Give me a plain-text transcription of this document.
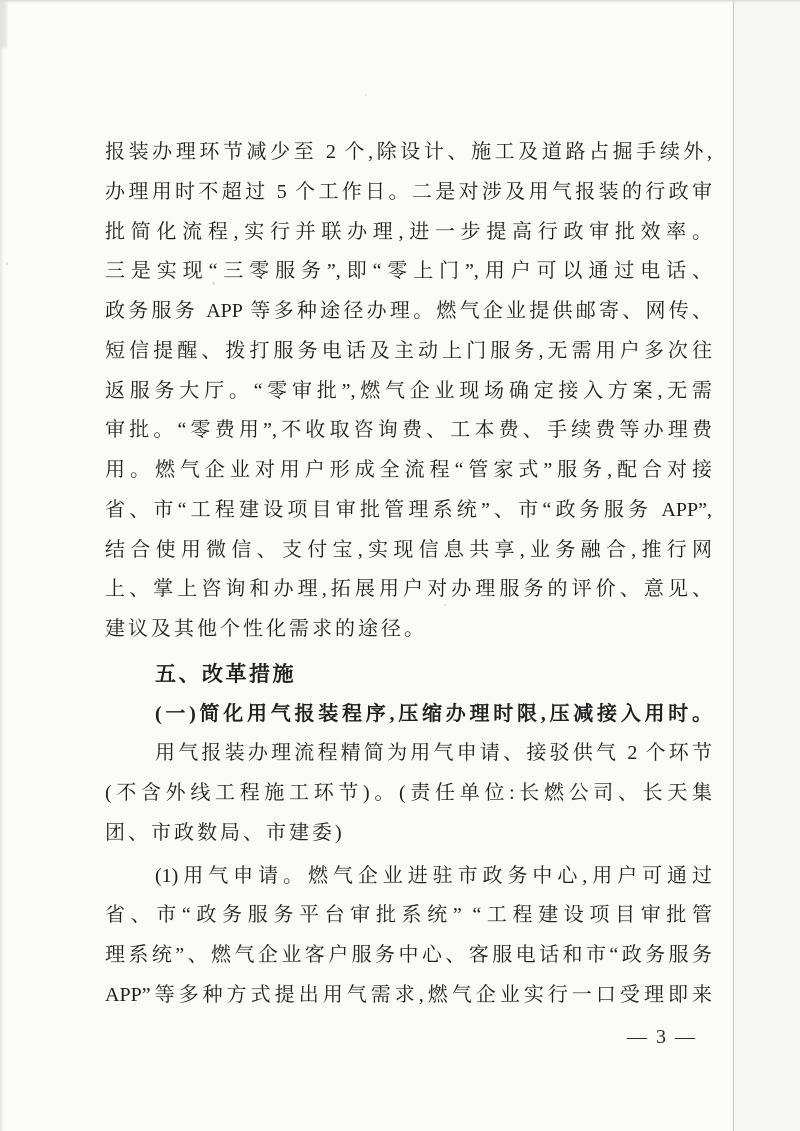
报装办理环节减少至 2 个,除设计、施工及道路占掘手续外,
办理用时不超过 5 个工作日。二是对涉及用气报装的行政审
批简化流程,实行并联办理,进一步提高行政审批效率。
三是实现“三零服务”,即“零上门”,用户可以通过电话、
政务服务 APP 等多种途径办理。燃气企业提供邮寄、网传、
短信提醒、拨打服务电话及主动上门服务,无需用户多次往
返服务大厅。“零审批”,燃气企业现场确定接入方案,无需
审批。“零费用”,不收取咨询费、工本费、手续费等办理费
用。燃气企业对用户形成全流程“管家式”服务,配合对接
省、市“工程建设项目审批管理系统”、市“政务服务 APP”,
结合使用微信、支付宝,实现信息共享,业务融合,推行网
上、掌上咨询和办理,拓展用户对办理服务的评价、意见、
建议及其他个性化需求的途径。
五、改革措施
(一)简化用气报装程序,压缩办理时限,压减接入用时。
用气报装办理流程精简为用气申请、接驳供气 2 个环节
(不含外线工程施工环节)。(责任单位:长燃公司、长天集
团、市政数局、市建委)
(1)用气申请。燃气企业进驻市政务中心,用户可通过
省、市“政务服务平台审批系统” “工程建设项目审批管
理系统”、燃气企业客户服务中心、客服电话和市“政务服务
APP”等多种方式提出用气需求,燃气企业实行一口受理即来
— 3 —
